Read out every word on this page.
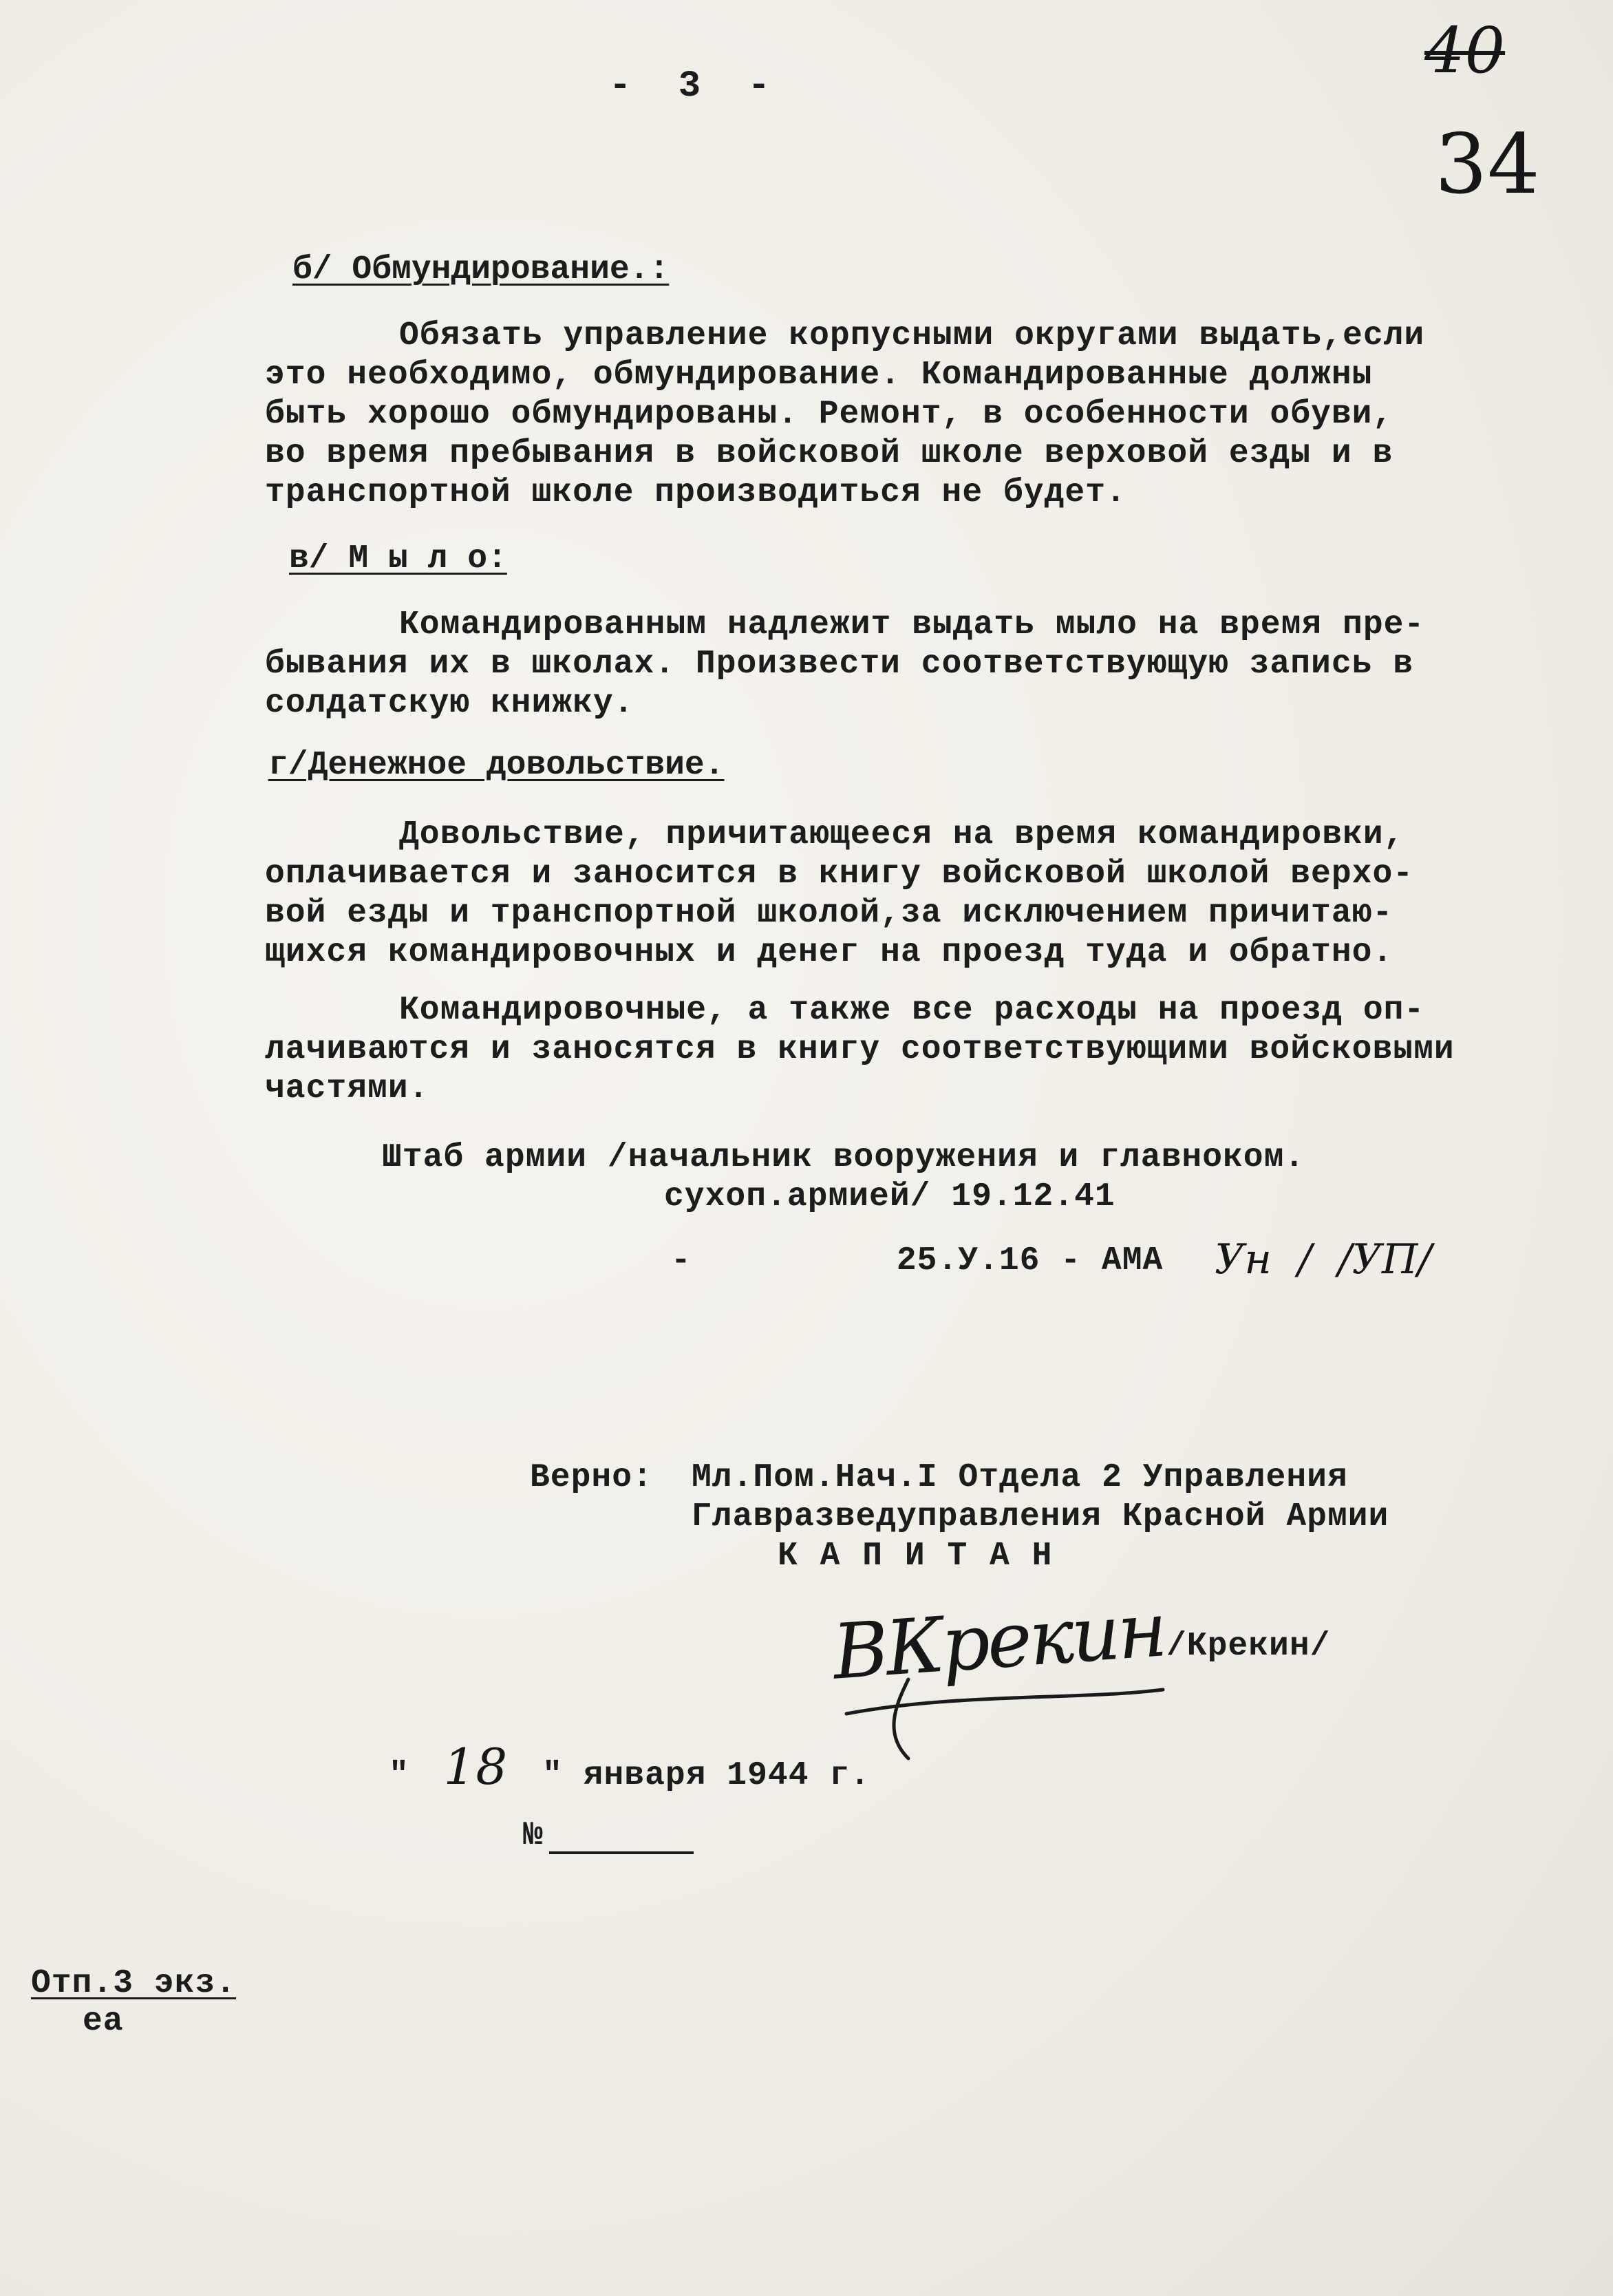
- 3 -	40
34
б/ Обмундирование.:
Обязать управление корпусными округами выдать,если
это необходимо, обмундирование. Командированные должны
быть хорошо обмундированы. Ремонт, в особенности обуви,
во время пребывания в войсковой школе верховой езды и в
транспортной школе производиться не будет.
в/ М ы л о:
Командированным надлежит выдать мыло на время пре-
бывания их в школах. Произвести соответствующую запись в
солдатскую книжку.
г/Денежное довольствие.
Довольствие, причитающееся на время командировки,
оплачивается и заносится в книгу войсковой школой верхо-
вой езды и транспортной школой,за исключением причитаю-
щихся командировочных и денег на проезд туда и обратно.
Командировочные, а также все расходы на проезд оп-
лачиваются и заносятся в книгу соответствующими войсковыми
частями.
Штаб армии /начальник вооружения и главноком.
сухоп.армией/ 19.12.41
-          25.У.16 - АМА Ун  /  /УП/
Верно: Мл.Пом.Нач.I Отдела 2 Управления
Главразведуправления Красной Армии
К А П И Т А Н
ВКрекин
/Крекин/
" 18 " января 1944 г.
№
Отп.3 экз.
еа
